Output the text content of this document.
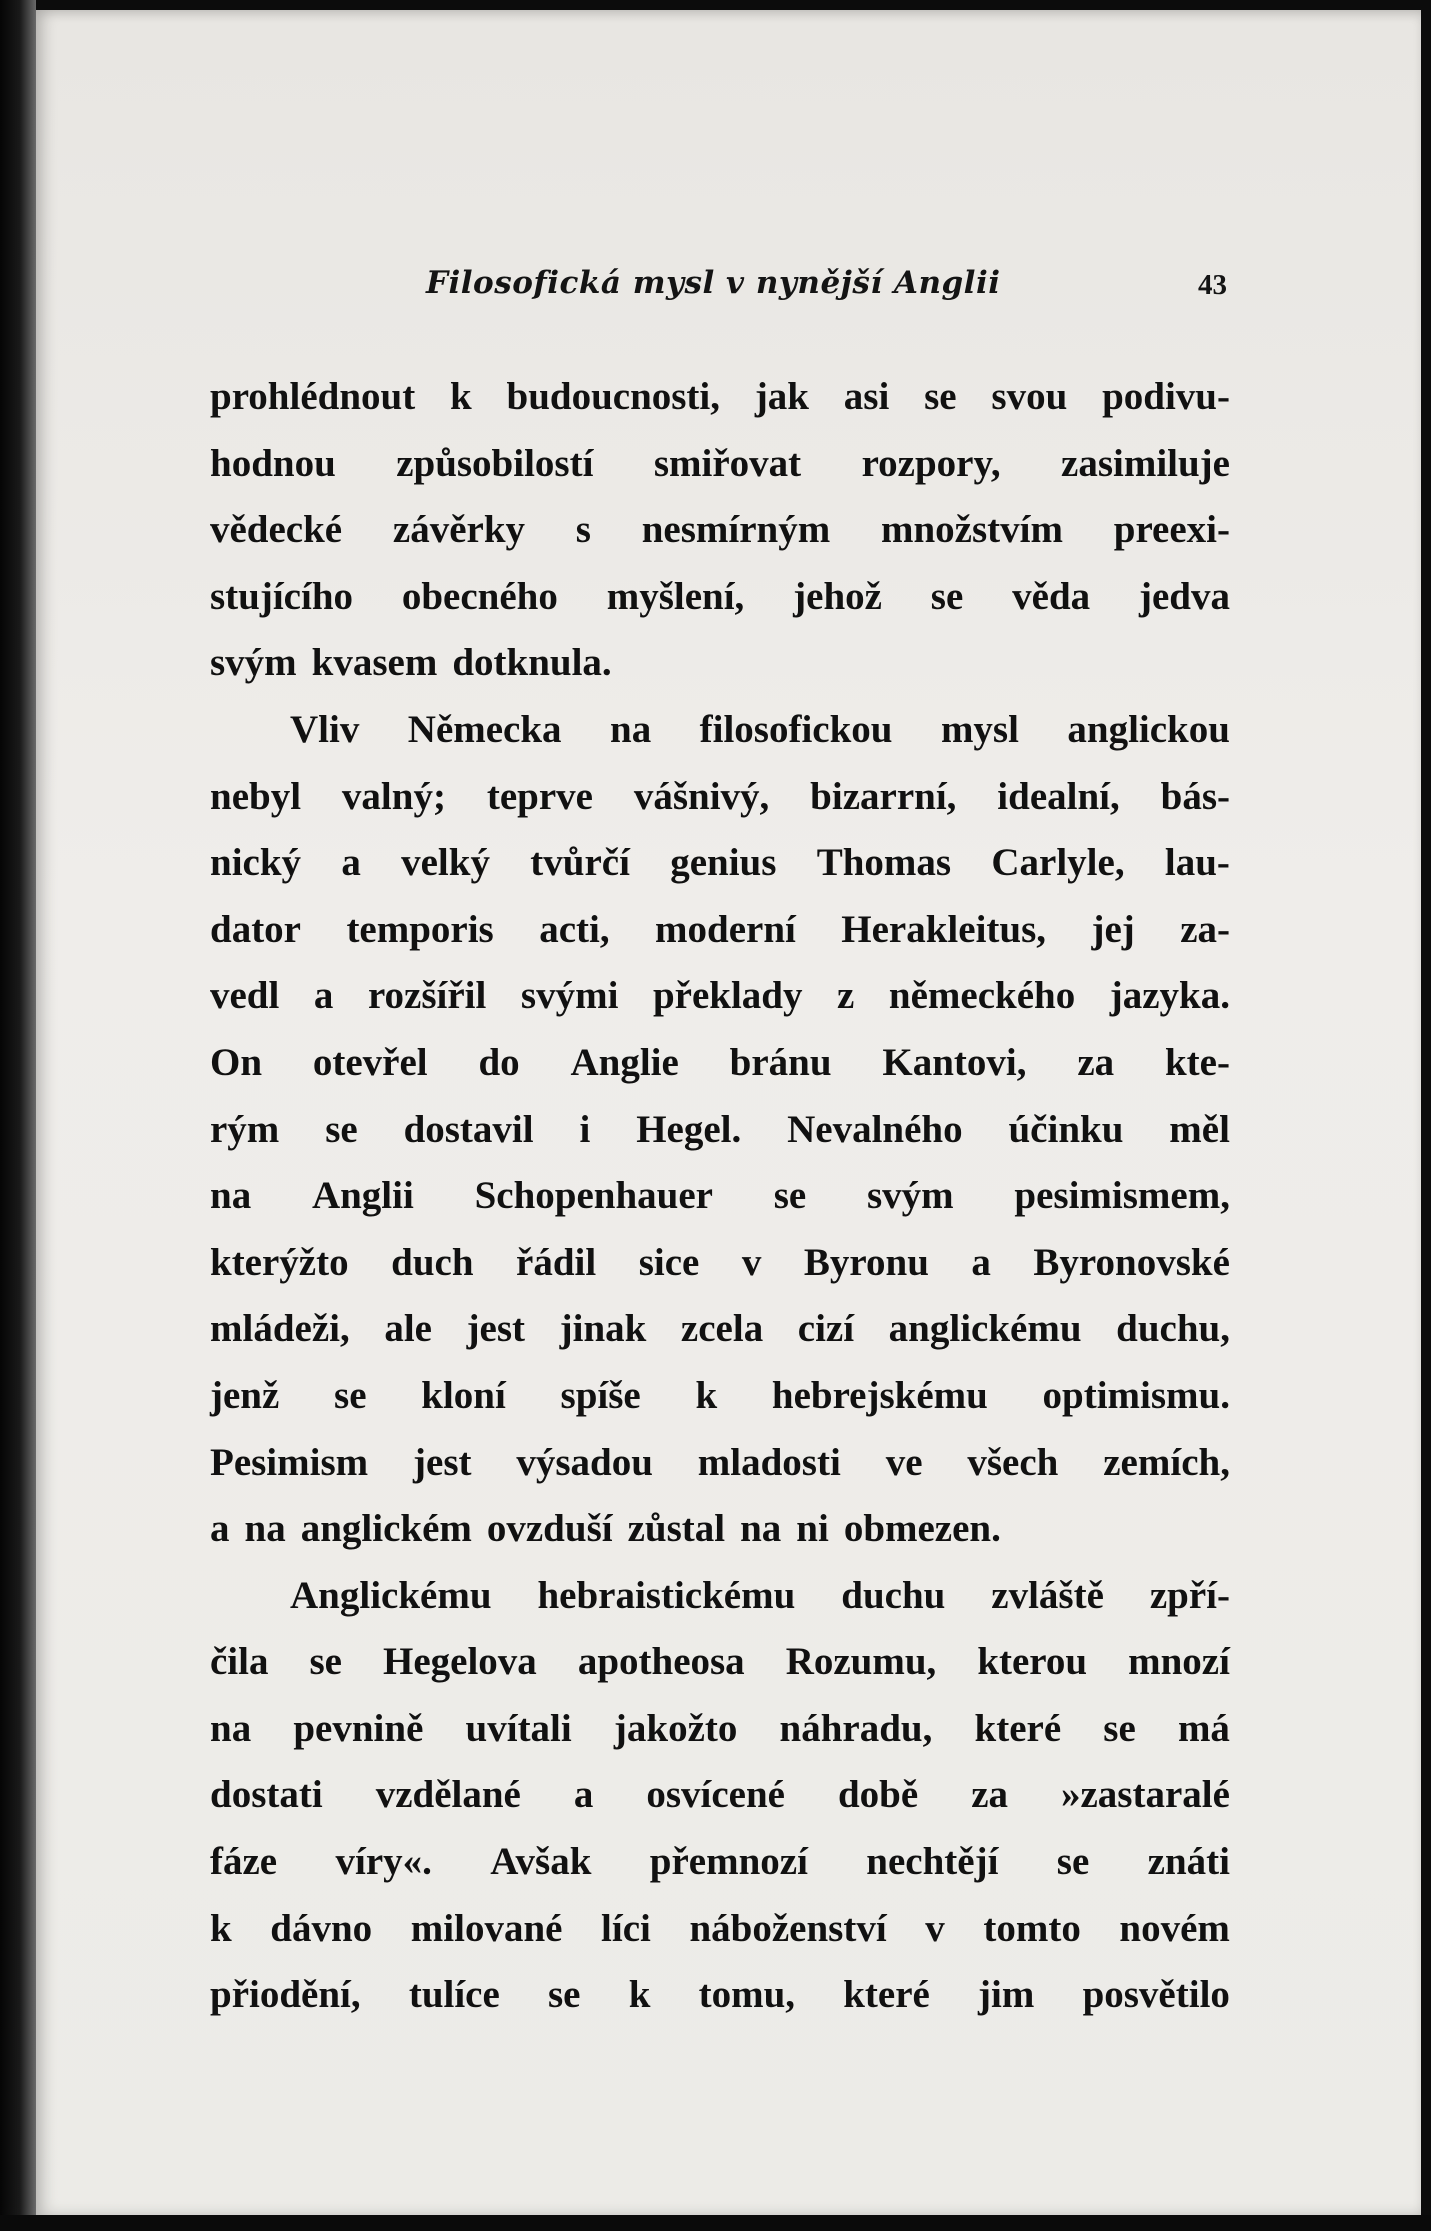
Filosofická mysl v nynější Anglii	43
prohlédnout k budoucnosti, jak asi se svou podivu-
hodnou způsobilostí smiřovat rozpory, zasimiluje
vědecké závěrky s nesmírným množstvím preexi-
stujícího obecného myšlení, jehož se věda jedva
svým kvasem dotknula.
Vliv Německa na filosofickou mysl anglickou
nebyl valný; teprve vášnivý, bizarrní, idealní, bás-
nický a velký tvůrčí genius Thomas Carlyle, lau-
dator temporis acti, moderní Herakleitus, jej za-
vedl a rozšířil svými překlady z německého jazyka.
On otevřel do Anglie bránu Kantovi, za kte-
rým se dostavil i Hegel. Nevalného účinku měl
na Anglii Schopenhauer se svým pesimismem,
kterýžto duch řádil sice v Byronu a Byronovské
mládeži, ale jest jinak zcela cizí anglickému duchu,
jenž se kloní spíše k hebrejskému optimismu.
Pesimism jest výsadou mladosti ve všech zemích,
a na anglickém ovzduší zůstal na ni obmezen.
Anglickému hebraistickému duchu zvláště zpří-
čila se Hegelova apotheosa Rozumu, kterou mnozí
na pevnině uvítali jakožto náhradu, které se má
dostati vzdělané a osvícené době za »zastaralé
fáze víry«. Avšak přemnozí nechtějí se znáti
k dávno milované líci náboženství v tomto novém
přiodění, tulíce se k tomu, které jim posvětilo
